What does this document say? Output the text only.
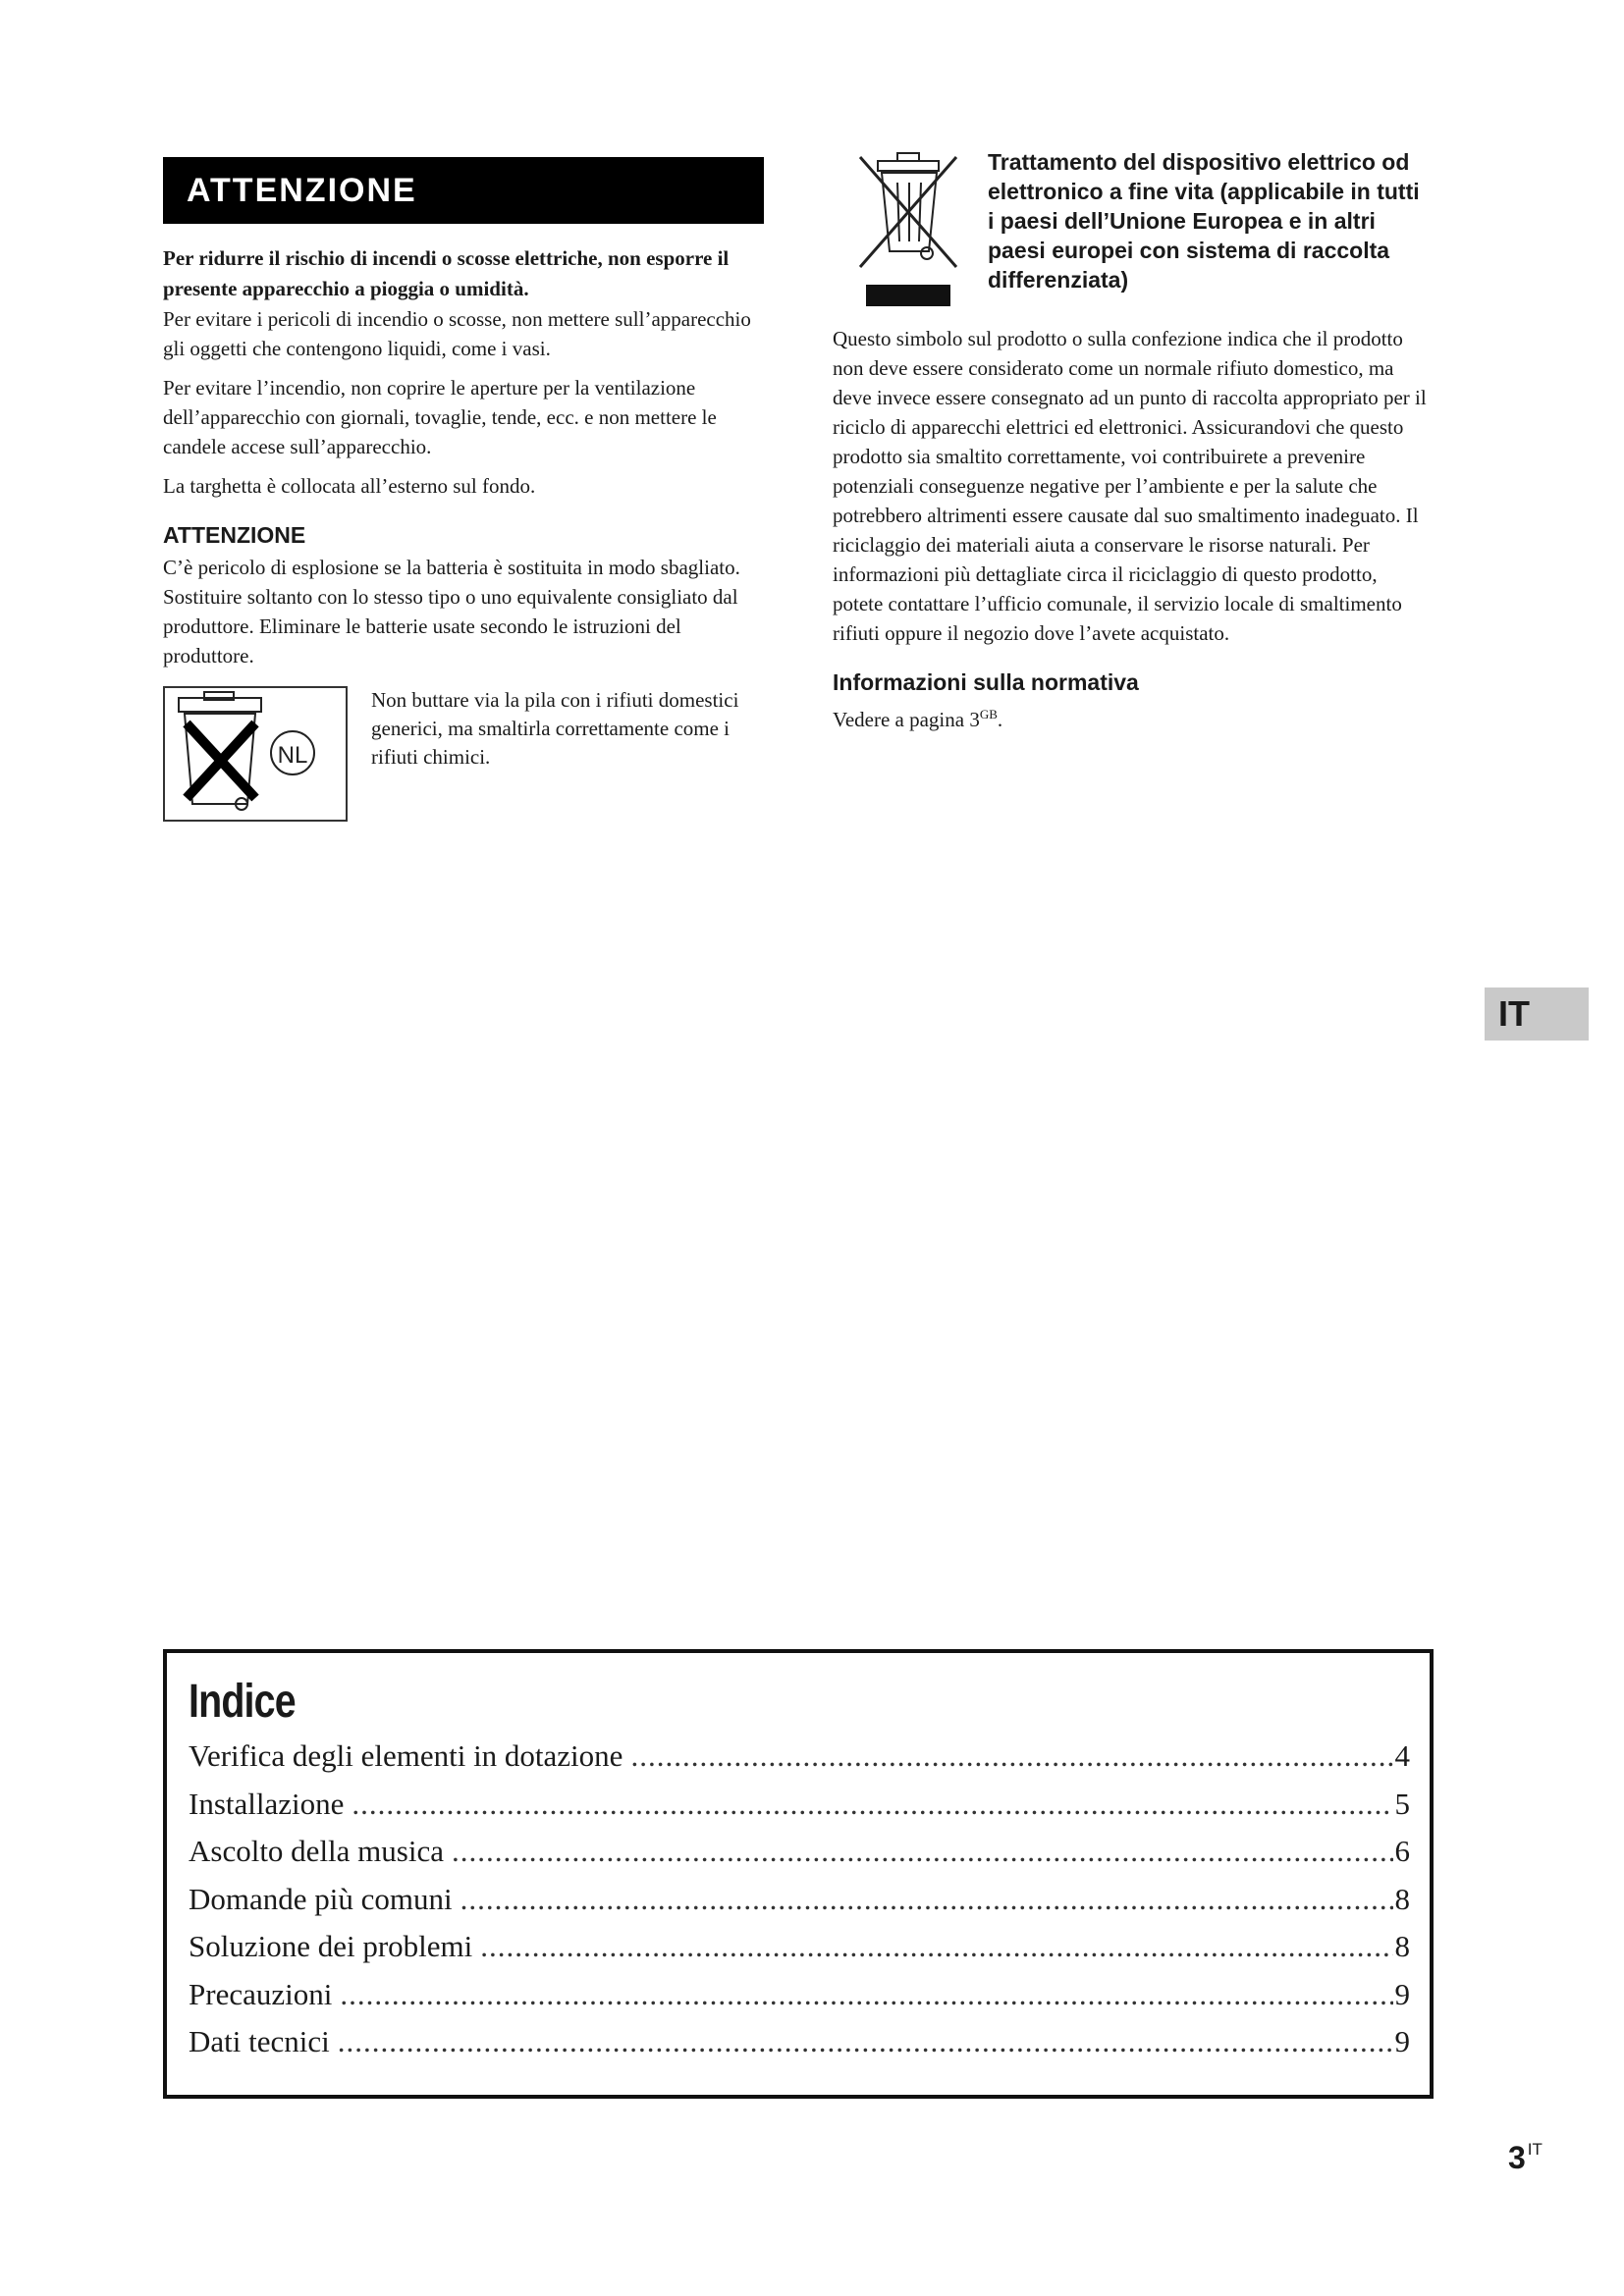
ATTENZIONE

Per ridurre il rischio di incendi o scosse elettriche, non esporre il presente apparecchio a pioggia o umidità.

Per evitare i pericoli di incendio o scosse, non mettere sull’apparecchio gli oggetti che contengono liquidi, come i vasi.

Per evitare l’incendio, non coprire le aperture per la ventilazione dell’apparecchio con giornali, tovaglie, tende, ecc. e non mettere le candele accese sull’apparecchio.

La targhetta è collocata all’esterno sul fondo.

ATTENZIONE

C’è pericolo di esplosione se la batteria è sostituita in modo sbagliato. Sostituire soltanto con lo stesso tipo o uno equivalente consigliato dal produttore. Eliminare le batterie usate secondo le istruzioni del produttore.

NL
Non buttare via la pila con i rifiuti domestici generici, ma smaltirla correttamente come i rifiuti chimici.
Trattamento del dispositivo elettrico od elettronico a fine vita (applicabile in tutti i paesi dell’Unione Europea e in altri paesi europei con sistema di raccolta differenziata)

Questo simbolo sul prodotto o sulla confezione indica che il prodotto non deve essere considerato come un normale rifiuto domestico, ma deve invece essere consegnato ad un punto di raccolta appropriato per il riciclo di apparecchi elettrici ed elettronici. Assicurandovi che questo prodotto sia smaltito correttamente, voi contribuirete a prevenire potenziali conseguenze negative per l’ambiente e per la salute che potrebbero altrimenti essere causate dal suo smaltimento inadeguato. Il riciclaggio dei materiali aiuta a conservare le risorse naturali. Per informazioni più dettagliate circa il riciclaggio di questo prodotto, potete contattare l’ufficio comunale, il servizio locale di smaltimento rifiuti oppure il negozio dove l’avete acquistato.

Informazioni sulla normativa

Vedere a pagina $3^{GB}$.

IT
Indice
Verifica degli elementi in dotazione .....	4
Installazione .....	5
Ascolto della musica .....	6
Domande più comuni .....	8
Soluzione dei problemi .....	8
Precauzioni .....	9
Dati tecnici .....	9
3 $^{IT}$
